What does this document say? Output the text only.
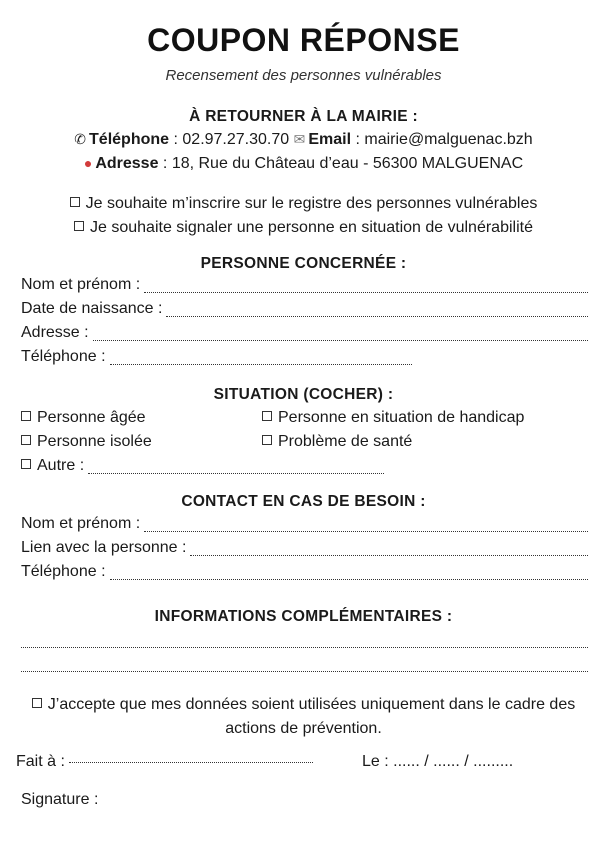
COUPON RÉPONSE
Recensement des personnes vulnérables
À RETOURNER À LA MAIRIE :
✆ Téléphone : 02.97.27.30.70 ✉ Email : mairie@malguenac.bzh
● Adresse : 18, Rue du Château d’eau - 56300 MALGUENAC
Je souhaite m’inscrire sur le registre des personnes vulnérables
Je souhaite signaler une personne en situation de vulnérabilité
PERSONNE CONCERNÉE :
Nom et prénom :
Date de naissance :
Adresse :
Téléphone :
SITUATION (COCHER) :
Personne âgée	Personne en situation de handicap
Personne isolée	Problème de santé
Autre :
CONTACT EN CAS DE BESOIN :
Nom et prénom :
Lien avec la personne :
Téléphone :
INFORMATIONS COMPLÉMENTAIRES :
J’accepte que mes données soient utilisées uniquement dans le cadre des actions de prévention.
Fait à :	Le : ...... / ...... / .........
Signature :
